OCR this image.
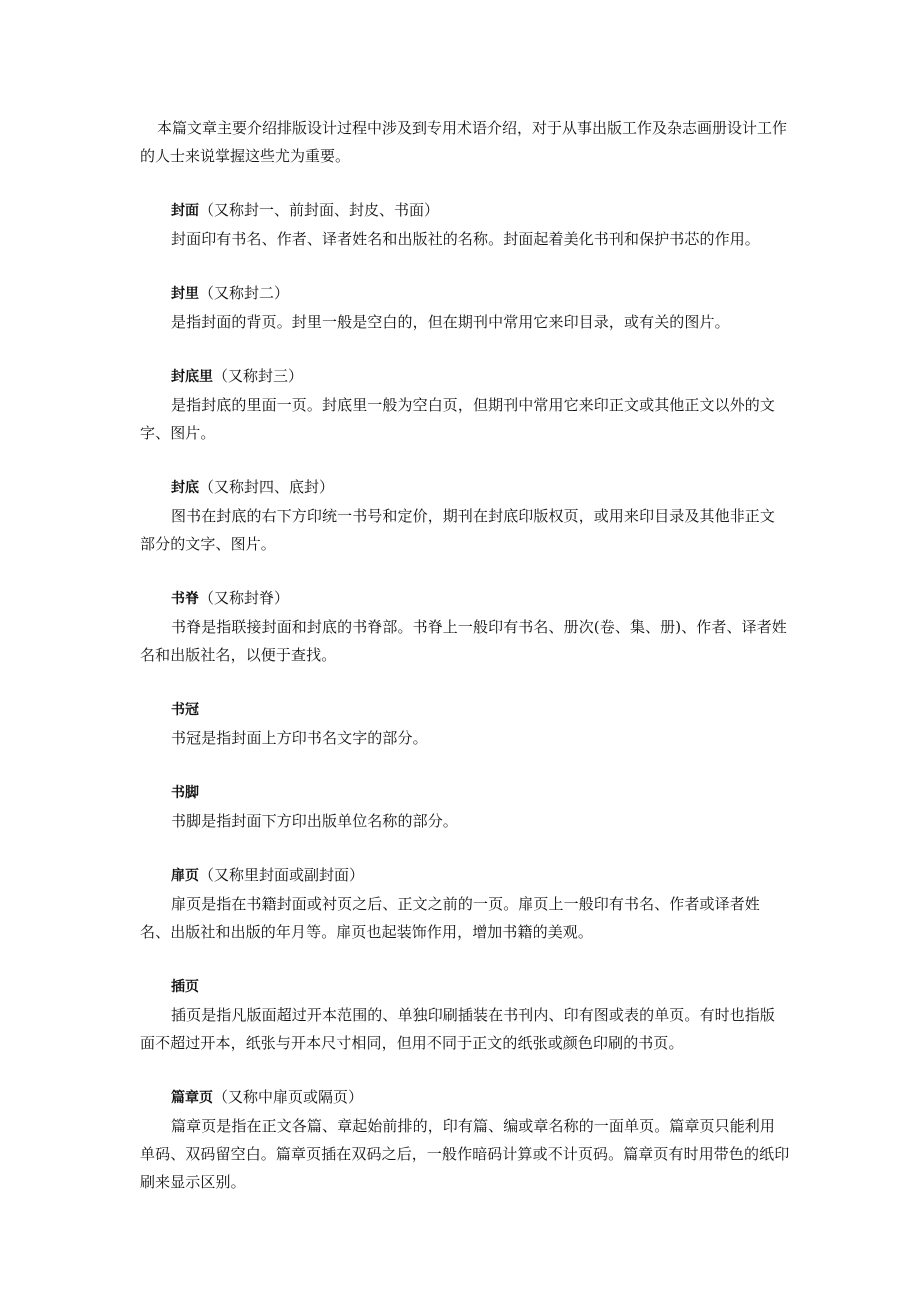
本篇文章主要介绍排版设计过程中涉及到专用术语介绍，对于从事出版工作及杂志画册设计工作的人士来说掌握这些尤为重要。

封面（又称封一、前封面、封皮、书面）

封面印有书名、作者、译者姓名和出版社的名称。封面起着美化书刊和保护书芯的作用。

封里（又称封二）

是指封面的背页。封里一般是空白的，但在期刊中常用它来印目录，或有关的图片。

封底里（又称封三）

是指封底的里面一页。封底里一般为空白页，但期刊中常用它来印正文或其他正文以外的文字、图片。

封底（又称封四、底封）

图书在封底的右下方印统一书号和定价，期刊在封底印版权页，或用来印目录及其他非正文部分的文字、图片。

书脊（又称封脊）

书脊是指联接封面和封底的书脊部。书脊上一般印有书名、册次(卷、集、册)、作者、译者姓名和出版社名，以便于查找。

书冠

书冠是指封面上方印书名文字的部分。

书脚

书脚是指封面下方印出版单位名称的部分。

扉页（又称里封面或副封面）

扉页是指在书籍封面或衬页之后、正文之前的一页。扉页上一般印有书名、作者或译者姓名、出版社和出版的年月等。扉页也起装饰作用，增加书籍的美观。

插页

插页是指凡版面超过开本范围的、单独印刷插装在书刊内、印有图或表的单页。有时也指版面不超过开本，纸张与开本尺寸相同，但用不同于正文的纸张或颜色印刷的书页。

篇章页（又称中扉页或隔页）

篇章页是指在正文各篇、章起始前排的，印有篇、编或章名称的一面单页。篇章页只能利用单码、双码留空白。篇章页插在双码之后，一般作暗码计算或不计页码。篇章页有时用带色的纸印刷来显示区别。
